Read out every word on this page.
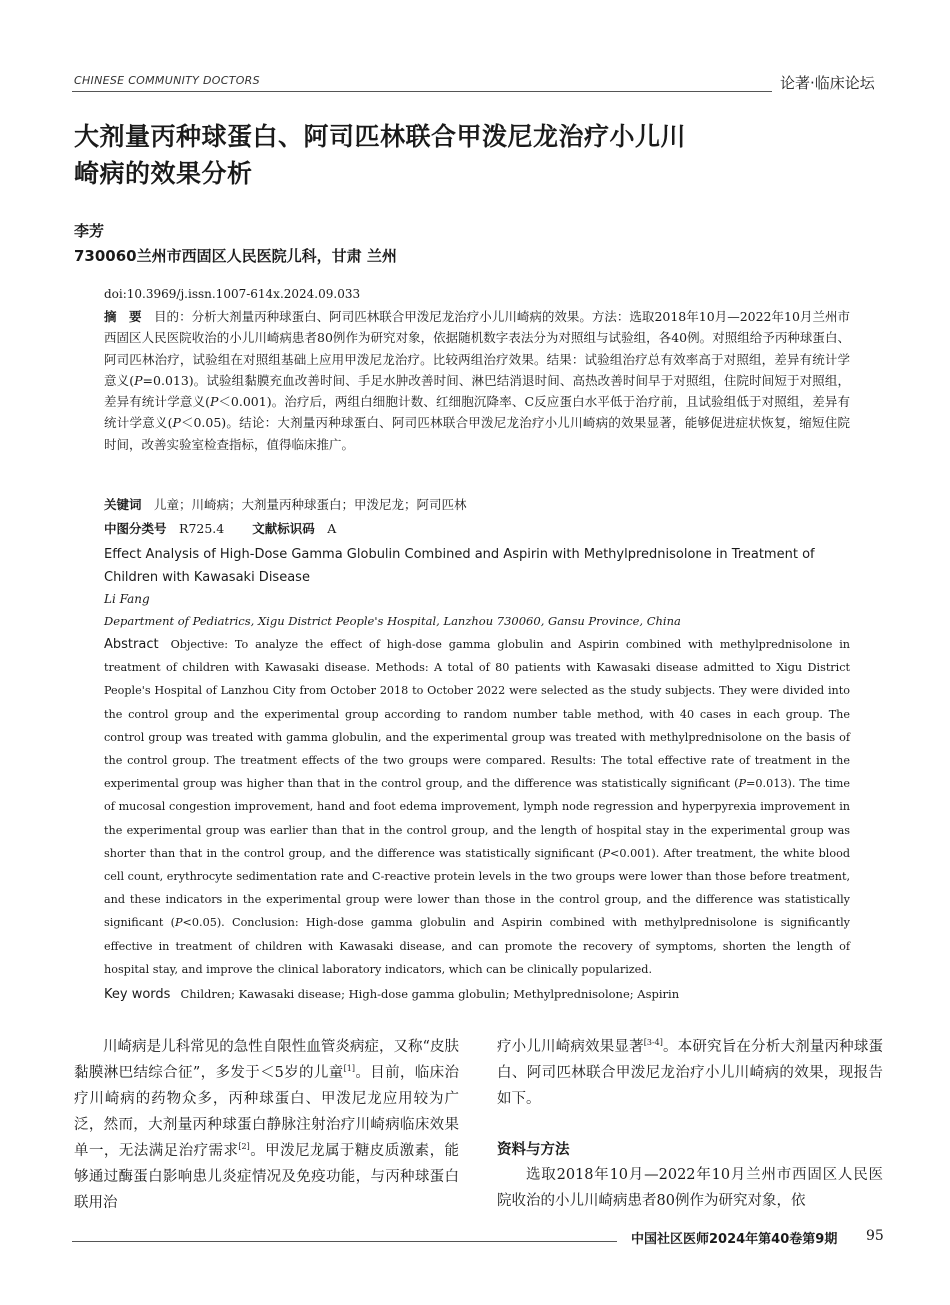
CHINESE COMMUNITY DOCTORS	论著·临床论坛
大剂量丙种球蛋白、阿司匹林联合甲泼尼龙治疗小儿川崎病的效果分析
李芳
730060兰州市西固区人民医院儿科，甘肃 兰州
doi:10.3969/j.issn.1007-614x.2024.09.033
摘　要　 目的：分析大剂量丙种球蛋白、阿司匹林联合甲泼尼龙治疗小儿川崎病的效果。方法：选取2018年10月—2022年10月兰州市西固区人民医院收治的小儿川崎病患者80例作为研究对象，依据随机数字表法分为对照组与试验组，各40例。对照组给予丙种球蛋白、阿司匹林治疗，试验组在对照组基础上应用甲泼尼龙治疗。比较两组治疗效果。结果：试验组治疗总有效率高于对照组，差异有统计学意义(P=0.013)。试验组黏膜充血改善时间、手足水肿改善时间、淋巴结消退时间、高热改善时间早于对照组，住院时间短于对照组，差异有统计学意义(P＜0.001)。治疗后，两组白细胞计数、红细胞沉降率、C反应蛋白水平低于治疗前，且试验组低于对照组，差异有统计学意义(P＜0.05)。结论：大剂量丙种球蛋白、阿司匹林联合甲泼尼龙治疗小儿川崎病的效果显著，能够促进症状恢复，缩短住院时间，改善实验室检查指标，值得临床推广。
关键词　 儿童；川崎病；大剂量丙种球蛋白；甲泼尼龙；阿司匹林
中图分类号　 R725.4 文献标识码　 A
Effect Analysis of High-Dose Gamma Globulin Combined and Aspirin with Methylprednisolone in Treatment of Children with Kawasaki Disease
Li Fang
Department of Pediatrics, Xigu District People's Hospital, Lanzhou 730060, Gansu Province, China
Abstract Objective: To analyze the effect of high-dose gamma globulin and Aspirin combined with methylprednisolone in treatment of children with Kawasaki disease. Methods: A total of 80 patients with Kawasaki disease admitted to Xigu District People's Hospital of Lanzhou City from October 2018 to October 2022 were selected as the study subjects. They were divided into the control group and the experimental group according to random number table method, with 40 cases in each group. The control group was treated with gamma globulin, and the experimental group was treated with methylprednisolone on the basis of the control group. The treatment effects of the two groups were compared. Results: The total effective rate of treatment in the experimental group was higher than that in the control group, and the difference was statistically significant (P=0.013). The time of mucosal congestion improvement, hand and foot edema improvement, lymph node regression and hyperpyrexia improvement in the experimental group was earlier than that in the control group, and the length of hospital stay in the experimental group was shorter than that in the control group, and the difference was statistically significant (P<0.001). After treatment, the white blood cell count, erythrocyte sedimentation rate and C-reactive protein levels in the two groups were lower than those before treatment, and these indicators in the experimental group were lower than those in the control group, and the difference was statistically significant (P<0.05). Conclusion: High-dose gamma globulin and Aspirin combined with methylprednisolone is significantly effective in treatment of children with Kawasaki disease, and can promote the recovery of symptoms, shorten the length of hospital stay, and improve the clinical laboratory indicators, which can be clinically popularized.
Key words Children; Kawasaki disease; High-dose gamma globulin; Methylprednisolone; Aspirin

川崎病是儿科常见的急性自限性血管炎病症，又称“皮肤黏膜淋巴结综合征”，多发于＜5岁的儿童[1]。目前，临床治疗川崎病的药物众多，丙种球蛋白、甲泼尼龙应用较为广泛，然而，大剂量丙种球蛋白静脉注射治疗川崎病临床效果单一，无法满足治疗需求[2]。甲泼尼龙属于糖皮质激素，能够通过酶蛋白影响患儿炎症情况及免疫功能，与丙种球蛋白联用治

疗小儿川崎病效果显著[3-4]。本研究旨在分析大剂量丙种球蛋白、阿司匹林联合甲泼尼龙治疗小儿川崎病的效果，现报告如下。

资料与方法

选取2018年10月—2022年10月兰州市西固区人民医院收治的小儿川崎病患者80例作为研究对象，依

中国社区医师2024年第40卷第9期 95
